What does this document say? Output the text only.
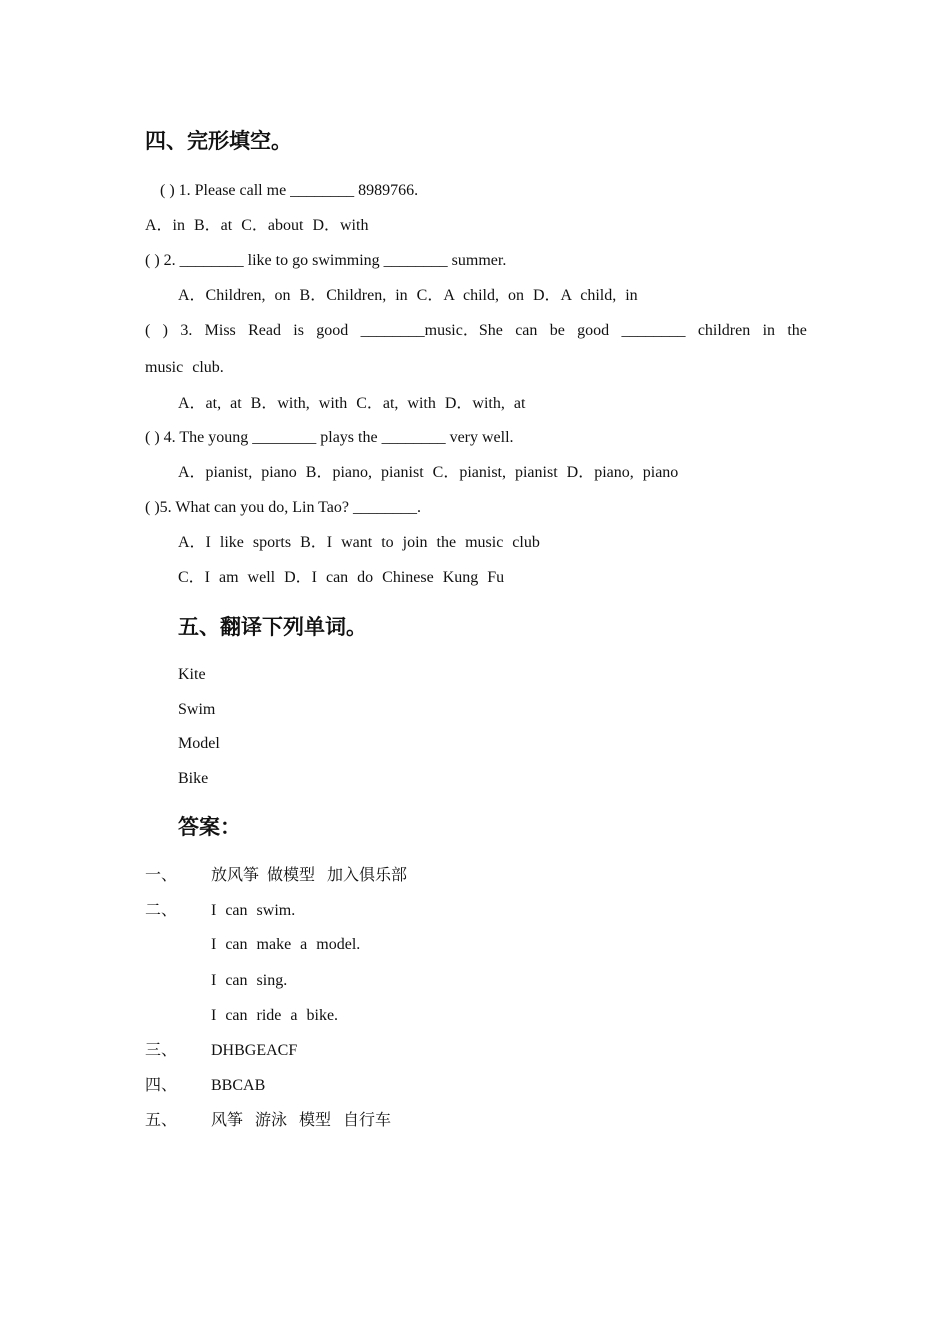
四、完形填空。
( ) 1. Please call me ________ 8989766.
A．in B．at C．about D．with
( ) 2. ________ like to go swimming ________ summer.
A．Children, on B．Children, in C．A child, on D．A child, in
( ) 3. Miss Read is good ________music．She can be good ________ children in the
music club.
A．at, at B．with, with C．at, with D．with, at
( ) 4. The young ________ plays the ________ very well.
A．pianist, piano B．piano, pianist C．pianist, pianist D．piano, piano
( )5. What can you do, Lin Tao? ________.
A．I like sports B．I want to join the music club
C．I am well D．I can do Chinese Kung Fu
五、翻译下列单词。
Kite
Swim
Model
Bike
答案：
一、 放风筝  做模型   加入俱乐部
二、 I can swim.
I can make a model.
I can sing.
I can ride a bike.
三、 DHBGEACF
四、 BBCAB
五、 风筝   游泳   模型   自行车
